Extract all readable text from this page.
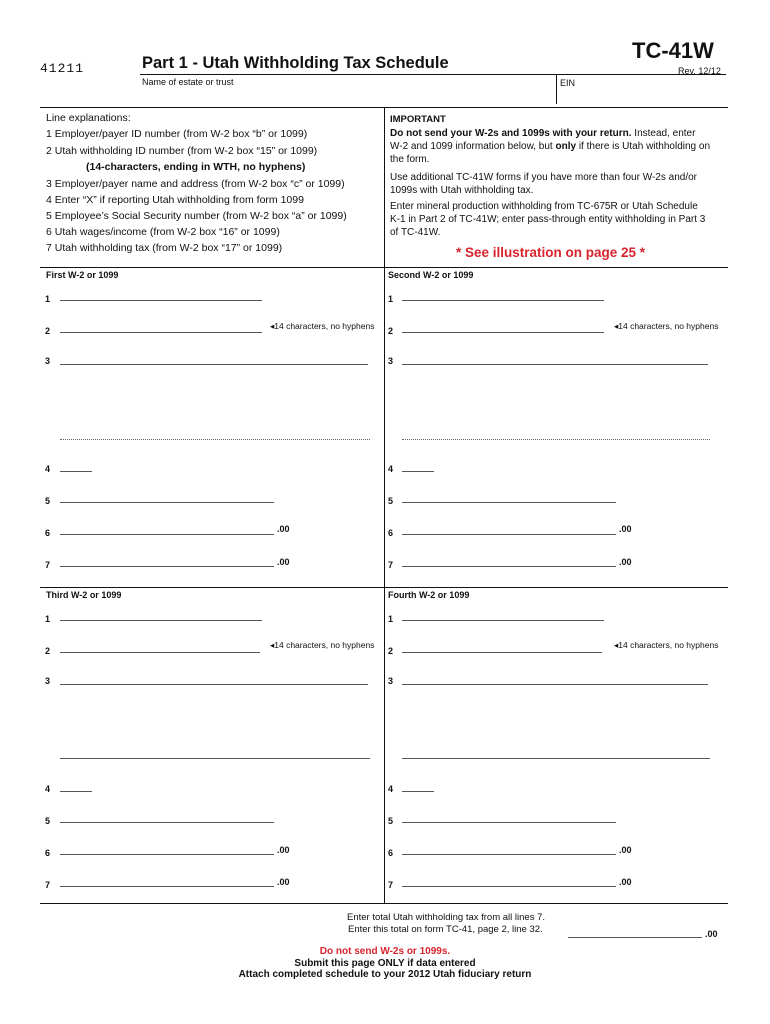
41211	Part 1 - Utah Withholding Tax Schedule	TC-41W
Rev. 12/12
Name of estate or trust	EIN
Line explanations:
1 Employer/payer ID number (from W-2 box “b” or 1099)
2 Utah withholding ID number (from W-2 box “15” or 1099)
(14-characters, ending in WTH, no hyphens)
3 Employer/payer name and address (from W-2 box “c” or 1099)
4 Enter “X” if reporting Utah withholding from form 1099
5 Employee’s Social Security number (from W-2 box “a” or 1099)
6 Utah wages/income (from W-2 box “16” or 1099)
7 Utah withholding tax (from W-2 box “17” or 1099)
IMPORTANT
Do not send your W-2s and 1099s with your return. Instead, enter W-2 and 1099 information below, but only if there is Utah withholding on the form.
Use additional TC-41W forms if you have more than four W-2s and/or 1099s with Utah withholding tax.
Enter mineral production withholding from TC-675R or Utah Schedule K-1 in Part 2 of TC-41W; enter pass-through entity withholding in Part 3 of TC-41W.
* See illustration on page 25 *
First W-2 or 1099	Second W-2 or 1099
Third W-2 or 1099	Fourth W-2 or 1099
1
2	◂14 characters, no hyphens
3
4
5
6	.00
7	.00
1
2	◂14 characters, no hyphens
3
4
5
6	.00
7	.00
1
2
◂14 characters, no hyphens
3
4
5
6	.00
7	.00
1
2
◂14 characters, no hyphens
3
4
5
6	.00
7	.00
Enter total Utah withholding tax from all lines 7.
Enter this total on form TC-41, page 2, line 32.	.00
Do not send W-2s or 1099s.
Submit this page ONLY if data entered
Attach completed schedule to your 2012 Utah fiduciary return
